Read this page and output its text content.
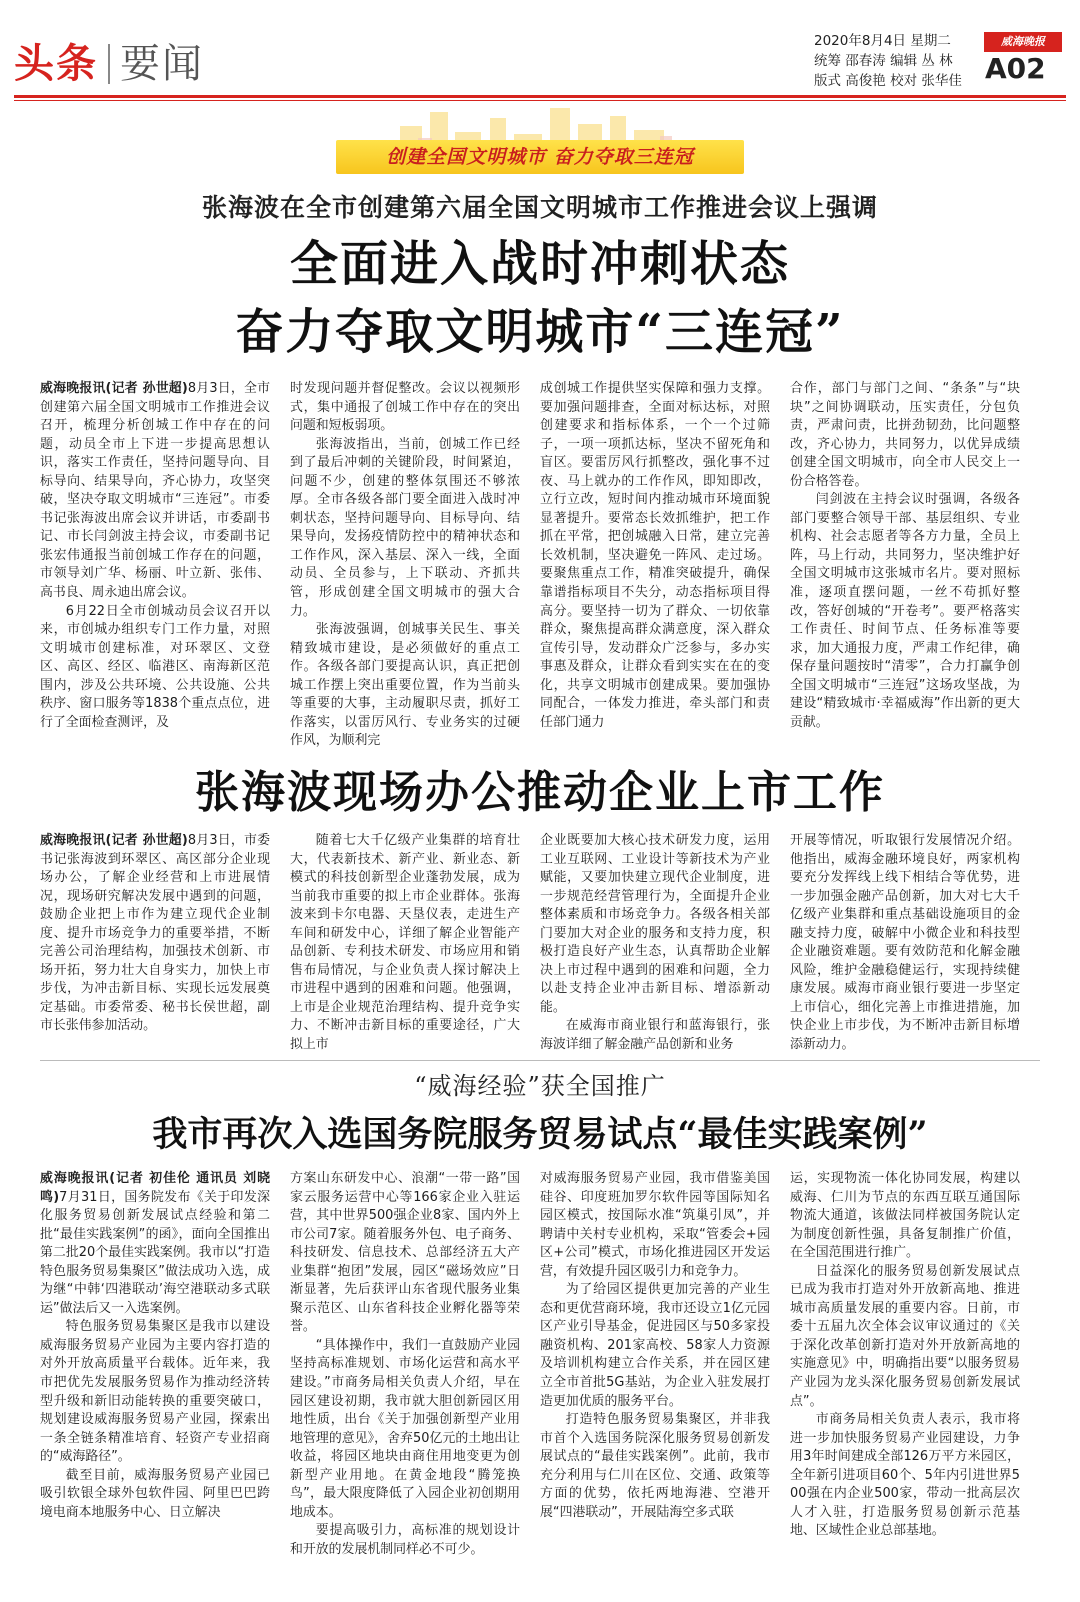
头条 要闻	2020年8月4日 星期二
统筹 邵春涛 编辑 丛 林
版式 高俊艳 校对 张华佳
威海晚报
A02
创建全国文明城市 奋力夺取三连冠
张海波在全市创建第六届全国文明城市工作推进会议上强调
全面进入战时冲刺状态
奋力夺取文明城市“三连冠”

威海晚报讯(记者 孙世超)8月3日，全市创建第六届全国文明城市工作推进会议召开，梳理分析创城工作中存在的问题，动员全市上下进一步提高思想认识，落实工作责任，坚持问题导向、目标导向、结果导向，齐心协力，攻坚突破，坚决夺取文明城市“三连冠”。市委书记张海波出席会议并讲话，市委副书记、市长闫剑波主持会议，市委副书记张宏伟通报当前创城工作存在的问题，市领导刘广华、杨丽、叶立新、张伟、高书良、周永迪出席会议。

6月22日全市创城动员会议召开以来，市创城办组织专门工作力量，对照文明城市创建标准，对环翠区、文登区、高区、经区、临港区、南海新区范围内，涉及公共环境、公共设施、公共秩序、窗口服务等1838个重点点位，进行了全面检查测评，及

时发现问题并督促整改。会议以视频形式，集中通报了创城工作中存在的突出问题和短板弱项。

张海波指出，当前，创城工作已经到了最后冲刺的关键阶段，时间紧迫，问题不少，创建的整体氛围还不够浓厚。全市各级各部门要全面进入战时冲刺状态，坚持问题导向、目标导向、结果导向，发扬疫情防控中的精神状态和工作作风，深入基层、深入一线，全面动员、全员参与，上下联动、齐抓共管，形成创建全国文明城市的强大合力。

张海波强调，创城事关民生、事关精致城市建设，是必须做好的重点工作。各级各部门要提高认识，真正把创城工作摆上突出重要位置，作为当前头等重要的大事，主动履职尽责，抓好工作落实，以雷厉风行、专业务实的过硬作风，为顺利完

成创城工作提供坚实保障和强力支撑。要加强问题排查，全面对标达标，对照创建要求和指标体系，一个一个过筛子，一项一项抓达标，坚决不留死角和盲区。要雷厉风行抓整改，强化事不过夜、马上就办的工作作风，即知即改，立行立改，短时间内推动城市环境面貌显著提升。要常态长效抓维护，把工作抓在平常，把创城融入日常，建立完善长效机制，坚决避免一阵风、走过场。要聚焦重点工作，精准突破提升，确保靠谱指标项目不失分，动态指标项目得高分。要坚持一切为了群众、一切依靠群众，聚焦提高群众满意度，深入群众宣传引导，发动群众广泛参与，多办实事惠及群众，让群众看到实实在在的变化，共享文明城市创建成果。要加强协同配合，一体发力推进，牵头部门和责任部门通力

合作，部门与部门之间、“条条”与“块块”之间协调联动，压实责任，分包负责，严肃问责，比拼劲韧劲，比问题整改，齐心协力，共同努力，以优异成绩创建全国文明城市，向全市人民交上一份合格答卷。

闫剑波在主持会议时强调，各级各部门要整合领导干部、基层组织、专业机构、社会志愿者等各方力量，全员上阵，马上行动，共同努力，坚决维护好全国文明城市这张城市名片。要对照标准，逐项直摆问题，一丝不苟抓好整改，答好创城的“开卷考”。要严格落实工作责任、时间节点、任务标准等要求，加大通报力度，严肃工作纪律，确保存量问题按时“清零”，合力打赢争创全国文明城市“三连冠”这场攻坚战，为建设“精致城市·幸福威海”作出新的更大贡献。

张海波现场办公推动企业上市工作

威海晚报讯(记者 孙世超)8月3日，市委书记张海波到环翠区、高区部分企业现场办公，了解企业经营和上市进展情况，现场研究解决发展中遇到的问题，鼓励企业把上市作为建立现代企业制度、提升市场竞争力的重要举措，不断完善公司治理结构，加强技术创新、市场开拓，努力壮大自身实力，加快上市步伐，为冲击新目标、实现长远发展奠定基础。市委常委、秘书长侯世超，副市长张伟参加活动。

随着七大千亿级产业集群的培育壮大，代表新技术、新产业、新业态、新模式的科技创新型企业蓬勃发展，成为当前我市重要的拟上市企业群体。张海波来到卡尔电器、天垦仪表，走进生产车间和研发中心，详细了解企业智能产品创新、专利技术研发、市场应用和销售布局情况，与企业负责人探讨解决上市进程中遇到的困难和问题。他强调，上市是企业规范治理结构、提升竞争实力、不断冲击新目标的重要途径，广大拟上市

企业既要加大核心技术研发力度，运用工业互联网、工业设计等新技术为产业赋能，又要加快建立现代企业制度，进一步规范经营管理行为，全面提升企业整体素质和市场竞争力。各级各相关部门要加大对企业的服务和支持力度，积极打造良好产业生态，认真帮助企业解决上市过程中遇到的困难和问题，全力以赴支持企业冲击新目标、增添新动能。

在威海市商业银行和蓝海银行，张海波详细了解金融产品创新和业务

开展等情况，听取银行发展情况介绍。他指出，威海金融环境良好，两家机构要充分发挥线上线下相结合等优势，进一步加强金融产品创新，加大对七大千亿级产业集群和重点基础设施项目的金融支持力度，破解中小微企业和科技型企业融资难题。要有效防范和化解金融风险，维护金融稳健运行，实现持续健康发展。威海市商业银行要进一步坚定上市信心，细化完善上市推进措施，加快企业上市步伐，为不断冲击新目标增添新动力。

“威海经验”获全国推广
我市再次入选国务院服务贸易试点“最佳实践案例”

威海晚报讯(记者 初佳伦 通讯员 刘晓鸣)7月31日，国务院发布《关于印发深化服务贸易创新发展试点经验和第二批“最佳实践案例”的函》，面向全国推出第二批20个最佳实践案例。我市以“打造特色服务贸易集聚区”做法成功入选，成为继“中韩‘四港联动’海空港联动多式联运”做法后又一入选案例。

特色服务贸易集聚区是我市以建设威海服务贸易产业园为主要内容打造的对外开放高质量平台载体。近年来，我市把优先发展服务贸易作为推动经济转型升级和新旧动能转换的重要突破口，规划建设威海服务贸易产业园，探索出一条全链条精准培育、轻资产专业招商的“威海路径”。

截至目前，威海服务贸易产业园已吸引软银全球外包软件园、阿里巴巴跨境电商本地服务中心、日立解决

方案山东研发中心、浪潮“一带一路”国家云服务运营中心等166家企业入驻运营，其中世界500强企业8家、国内外上市公司7家。随着服务外包、电子商务、科技研发、信息技术、总部经济五大产业集群“抱团”发展，园区“磁场效应”日渐显著，先后获评山东省现代服务业集聚示范区、山东省科技企业孵化器等荣誉。

“具体操作中，我们一直鼓励产业园坚持高标准规划、市场化运营和高水平建设。”市商务局相关负责人介绍，早在园区建设初期，我市就大胆创新园区用地性质，出台《关于加强创新型产业用地管理的意见》，舍弃50亿元的土地出让收益，将园区地块由商住用地变更为创新型产业用地。在黄金地段“腾笼换鸟”，最大限度降低了入园企业初创期用地成本。

要提高吸引力，高标准的规划设计和开放的发展机制同样必不可少。

对威海服务贸易产业园，我市借鉴美国硅谷、印度班加罗尔软件园等国际知名园区模式，按国际水准“筑巢引凤”，并聘请中关村专业机构，采取“管委会+园区+公司”模式，市场化推进园区开发运营，有效提升园区吸引力和竞争力。

为了给园区提供更加完善的产业生态和更优营商环境，我市还设立1亿元园区产业引导基金，促进园区与50多家投融资机构、201家高校、58家人力资源及培训机构建立合作关系，并在园区建立全市首批5G基站，为企业入驻发展打造更加优质的服务平台。

打造特色服务贸易集聚区，并非我市首个入选国务院深化服务贸易创新发展试点的“最佳实践案例”。此前，我市充分利用与仁川在区位、交通、政策等方面的优势，依托两地海港、空港开展“四港联动”，开展陆海空多式联

运，实现物流一体化协同发展，构建以威海、仁川为节点的东西互联互通国际物流大通道，该做法同样被国务院认定为制度创新性强，具备复制推广价值，在全国范围进行推广。

日益深化的服务贸易创新发展试点已成为我市打造对外开放新高地、推进城市高质量发展的重要内容。日前，市委十五届九次全体会议审议通过的《关于深化改革创新打造对外开放新高地的实施意见》中，明确指出要“以服务贸易产业园为龙头深化服务贸易创新发展试点”。

市商务局相关负责人表示，我市将进一步加快服务贸易产业园建设，力争用3年时间建成全部126万平方米园区，全年新引进项目60个、5年内引进世界500强在内企业500家，带动一批高层次人才入驻，打造服务贸易创新示范基地、区域性企业总部基地。
